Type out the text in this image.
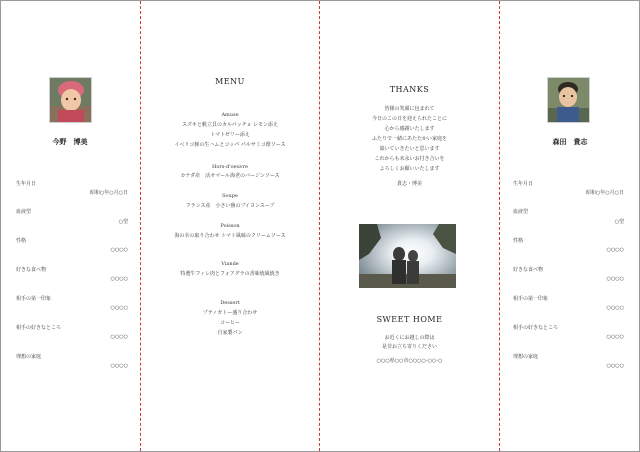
今野　博美
生年月日
昭和○年○月○日
血液型
○型
性格
○○○○
好きな食べ物
○○○○
相手の第一印象
○○○○
相手の好きなところ
○○○○
理想の家庭
○○○○
MENU
Amuse
スズキと帆立貝のカルパッチョ レモン添え
トマトゼリー添え
イベリコ豚の生ハムとコッパ パルサミコ酢ソース
Hors-d'oeuvre
カナダ産　活オマール海老のバージンソース
Soupe
フランス産　小さい蕪のブイヨンスープ
Poisson
海の幸の取り合わせ トマト風味のクリームソース
Viande
特選牛フィレ肉とフォアグラの香味焼風焼き
Dessert
プティガトー盛り合わせ
コーヒー
自家製パン
THANKS
皆様の笑顔に包まれて
今日のこの日を迎えられたことに
心から感謝いたします
ふたりで一緒にあたたかい家庭を
築いていきたいと思います
これからも末永いお付き合いを
よろしくお願いいたします
貴志・博美
SWEET HOME
お近くにお越しの際は
是非お立ち寄りください
○○○県○○市○○○○-○○-○
森田　貴志
生年月日
昭和○年○月○日
血液型
○型
性格
○○○○
好きな食べ物
○○○○
相手の第一印象
○○○○
相手の好きなところ
○○○○
理想の家庭
○○○○
